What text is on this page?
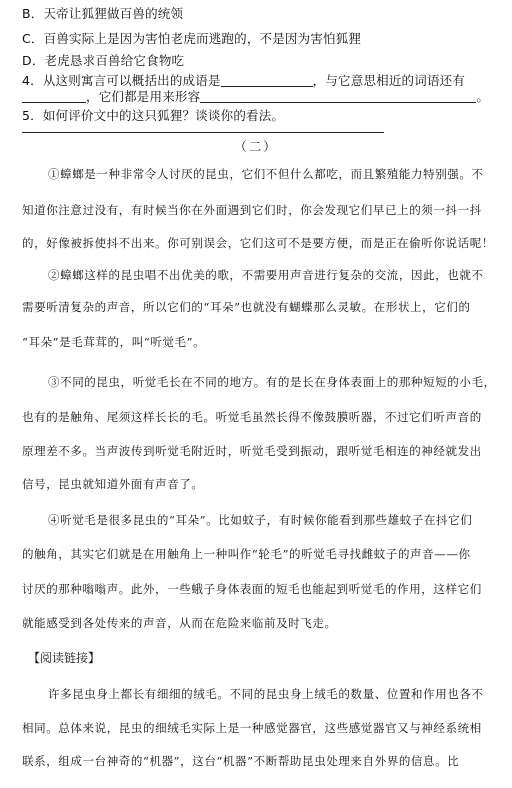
B．天帝让狐狸做百兽的统领
C．百兽实际上是因为害怕老虎而逃跑的，不是因为害怕狐狸
D．老虎恳求百兽给它食物吃
4．从这则寓言可以概括出的成语是	，与它意思相近的词语还有
，它们都是用来形容	。
5．如何评价文中的这只狐狸？谈谈你的看法。
（二）
①蟑螂是一种非常令人讨厌的昆虫，它们不但什么都吃，而且繁殖能力特别强。不
知道你注意过没有，有时候当你在外面遇到它们时，你会发现它们早已上的须一抖一抖
的，好像被拆使抖不出来。你可别误会，它们这可不是要方便，而是正在偷听你说话呢！
②蟑螂这样的昆虫唱不出优美的歌，不需要用声音进行复杂的交流，因此，也就不
需要听清复杂的声音，所以它们的“耳朵”也就没有蝴蝶那么灵敏。在形状上，它们的
“耳朵”是毛茸茸的，叫“听觉毛”。
③不同的昆虫，听觉毛长在不同的地方。有的是长在身体表面上的那种短短的小毛，
也有的是触角、尾须这样长长的毛。听觉毛虽然长得不像鼓膜听器，不过它们听声音的
原理差不多。当声波传到听觉毛附近时，听觉毛受到振动，跟听觉毛相连的神经就发出
信号，昆虫就知道外面有声音了。
④听觉毛是很多昆虫的“耳朵”。比如蚊子，有时候你能看到那些雄蚊子在抖它们
的触角，其实它们就是在用触角上一种叫作“轮毛”的听觉毛寻找雌蚊子的声音——你
讨厌的那种嗡嗡声。此外，一些蛾子身体表面的短毛也能起到听觉毛的作用，这样它们
就能感受到各处传来的声音，从而在危险来临前及时飞走。
【阅读链接】
许多昆虫身上都长有细细的绒毛。不同的昆虫身上绒毛的数量、位置和作用也各不
相同。总体来说，昆虫的细绒毛实际上是一种感觉器官，这些感觉器官又与神经系统相
联系，组成一台神奇的“机器”，这台“机器”不断帮助昆虫处理来自外界的信息。比
